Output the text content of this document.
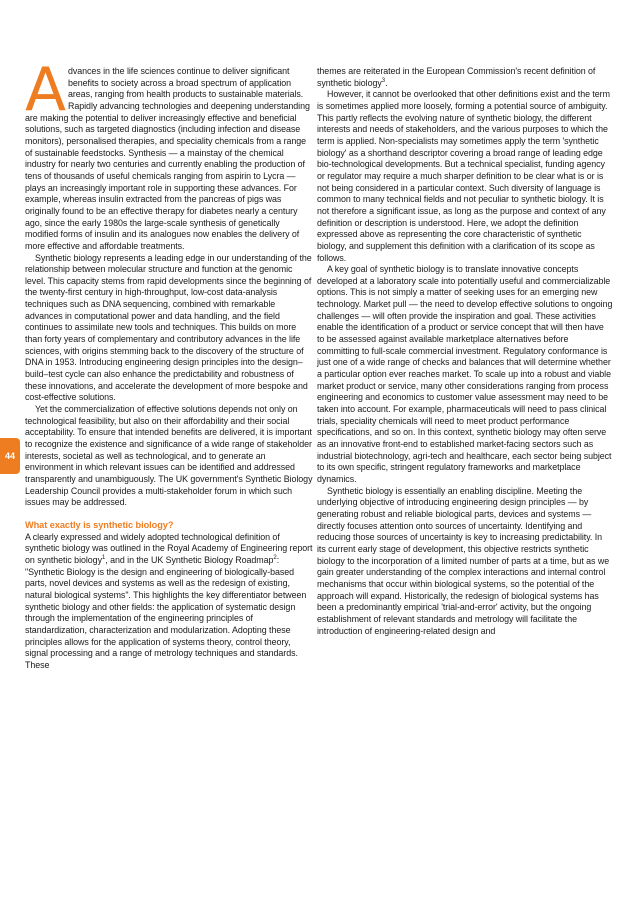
44

Advances in the life sciences continue to deliver significant benefits to society across a broad spectrum of application areas, ranging from health products to sustainable materials. Rapidly advancing technologies and deepening understanding are making the potential to deliver increasingly effective and beneficial solutions, such as targeted diagnostics (including infection and disease monitors), personalised therapies, and speciality chemicals from a range of sustainable feedstocks. Synthesis — a mainstay of the chemical industry for nearly two centuries and currently enabling the production of tens of thousands of useful chemicals ranging from aspirin to Lycra — plays an increasingly important role in supporting these advances. For example, whereas insulin extracted from the pancreas of pigs was originally found to be an effective therapy for diabetes nearly a century ago, since the early 1980s the large-scale synthesis of genetically modified forms of insulin and its analogues now enables the delivery of more effective and affordable treatments.

Synthetic biology represents a leading edge in our understanding of the relationship between molecular structure and function at the genomic level. This capacity stems from rapid developments since the beginning of the twenty-first century in high-throughput, low-cost data-analysis techniques such as DNA sequencing, combined with remarkable advances in computational power and data handling, and the field continues to assimilate new tools and techniques. This builds on more than forty years of complementary and contributory advances in the life sciences, with origins stemming back to the discovery of the structure of DNA in 1953. Introducing engineering design principles into the design–build–test cycle can also enhance the predictability and robustness of these innovations, and accelerate the development of more bespoke and cost-effective solutions.

Yet the commercialization of effective solutions depends not only on technological feasibility, but also on their affordability and their social acceptability. To ensure that intended benefits are delivered, it is important to recognize the existence and significance of a wide range of stakeholder interests, societal as well as technological, and to generate an environment in which relevant issues can be identified and addressed transparently and unambiguously. The UK government's Synthetic Biology Leadership Council provides a multi-stakeholder forum in which such issues may be addressed.

What exactly is synthetic biology?

A clearly expressed and widely adopted technological definition of synthetic biology was outlined in the Royal Academy of Engineering report on synthetic biology$^1$, and in the UK Synthetic Biology Roadmap$^2$: "Synthetic Biology is the design and engineering of biologically-based parts, novel devices and systems as well as the redesign of existing, natural biological systems". This highlights the key differentiator between synthetic biology and other fields: the application of systematic design through the implementation of the engineering principles of standardization, characterization and modularization. Adopting these principles allows for the application of systems theory, control theory, signal processing and a range of metrology techniques and standards. These

themes are reiterated in the European Commission's recent definition of synthetic biology$^3$.

However, it cannot be overlooked that other definitions exist and the term is sometimes applied more loosely, forming a potential source of ambiguity. This partly reflects the evolving nature of synthetic biology, the different interests and needs of stakeholders, and the various purposes to which the term is applied. Non-specialists may sometimes apply the term 'synthetic biology' as a shorthand descriptor covering a broad range of leading edge bio-technological developments. But a technical specialist, funding agency or regulator may require a much sharper definition to be clear what is or is not being considered in a particular context. Such diversity of language is common to many technical fields and not peculiar to synthetic biology. It is not therefore a significant issue, as long as the purpose and context of any definition or description is understood. Here, we adopt the definition expressed above as representing the core characteristic of synthetic biology, and supplement this definition with a clarification of its scope as follows.

A key goal of synthetic biology is to translate innovative concepts developed at a laboratory scale into potentially useful and commercializable options. This is not simply a matter of seeking uses for an emerging new technology. Market pull — the need to develop effective solutions to ongoing challenges — will often provide the inspiration and goal. These activities enable the identification of a product or service concept that will then have to be assessed against available marketplace alternatives before committing to full-scale commercial investment. Regulatory conformance is just one of a wide range of checks and balances that will determine whether a particular option ever reaches market. To scale up into a robust and viable market product or service, many other considerations ranging from process engineering and economics to customer value assessment may need to be taken into account. For example, pharmaceuticals will need to pass clinical trials, speciality chemicals will need to meet product performance specifications, and so on. In this context, synthetic biology may often serve as an innovative front-end to established market-facing sectors such as industrial biotechnology, agri-tech and healthcare, each sector being subject to its own specific, stringent regulatory frameworks and marketplace dynamics.

Synthetic biology is essentially an enabling discipline. Meeting the underlying objective of introducing engineering design principles — by generating robust and reliable biological parts, devices and systems — directly focuses attention onto sources of uncertainty. Identifying and reducing those sources of uncertainty is key to increasing predictability. In its current early stage of development, this objective restricts synthetic biology to the incorporation of a limited number of parts at a time, but as we gain greater understanding of the complex interactions and internal control mechanisms that occur within biological systems, so the potential of the approach will expand. Historically, the redesign of biological systems has been a predominantly empirical 'trial-and-error' activity, but the ongoing establishment of relevant standards and metrology will facilitate the introduction of engineering-related design and
